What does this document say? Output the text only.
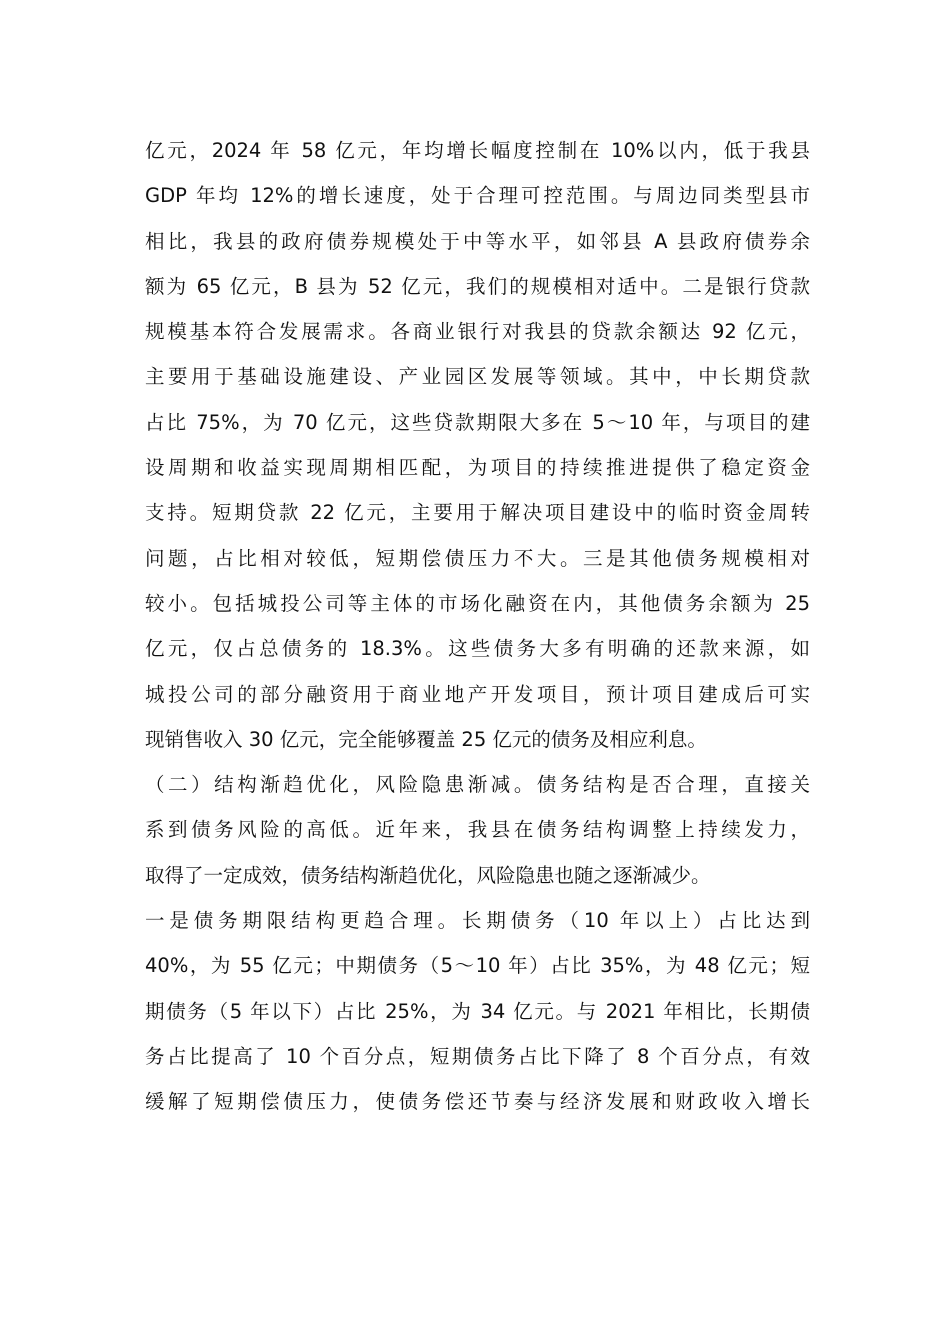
亿元，2024 年 58 亿元，年均增长幅度控制在 10%以内，低于我县
GDP 年均 12%的增长速度，处于合理可控范围。与周边同类型县市
相比，我县的政府债券规模处于中等水平，如邻县 A 县政府债券余
额为 65 亿元，B 县为 52 亿元，我们的规模相对适中。二是银行贷款
规模基本符合发展需求。各商业银行对我县的贷款余额达 92 亿元，
主要用于基础设施建设、产业园区发展等领域。其中，中长期贷款
占比 75%，为 70 亿元，这些贷款期限大多在 5～10 年，与项目的建
设周期和收益实现周期相匹配，为项目的持续推进提供了稳定资金
支持。短期贷款 22 亿元，主要用于解决项目建设中的临时资金周转
问题，占比相对较低，短期偿债压力不大。三是其他债务规模相对
较小。包括城投公司等主体的市场化融资在内，其他债务余额为 25
亿元，仅占总债务的 18.3%。这些债务大多有明确的还款来源，如
城投公司的部分融资用于商业地产开发项目，预计项目建成后可实
现销售收入 30 亿元，完全能够覆盖 25 亿元的债务及相应利息。
（二）结构渐趋优化，风险隐患渐减。债务结构是否合理，直接关
系到债务风险的高低。近年来，我县在债务结构调整上持续发力，
取得了一定成效，债务结构渐趋优化，风险隐患也随之逐渐减少。
一是债务期限结构更趋合理。长期债务（10 年以上）占比达到
40%，为 55 亿元；中期债务（5～10 年）占比 35%，为 48 亿元；短
期债务（5 年以下）占比 25%，为 34 亿元。与 2021 年相比，长期债
务占比提高了 10 个百分点，短期债务占比下降了 8 个百分点，有效
缓解了短期偿债压力，使债务偿还节奏与经济发展和财政收入增长
